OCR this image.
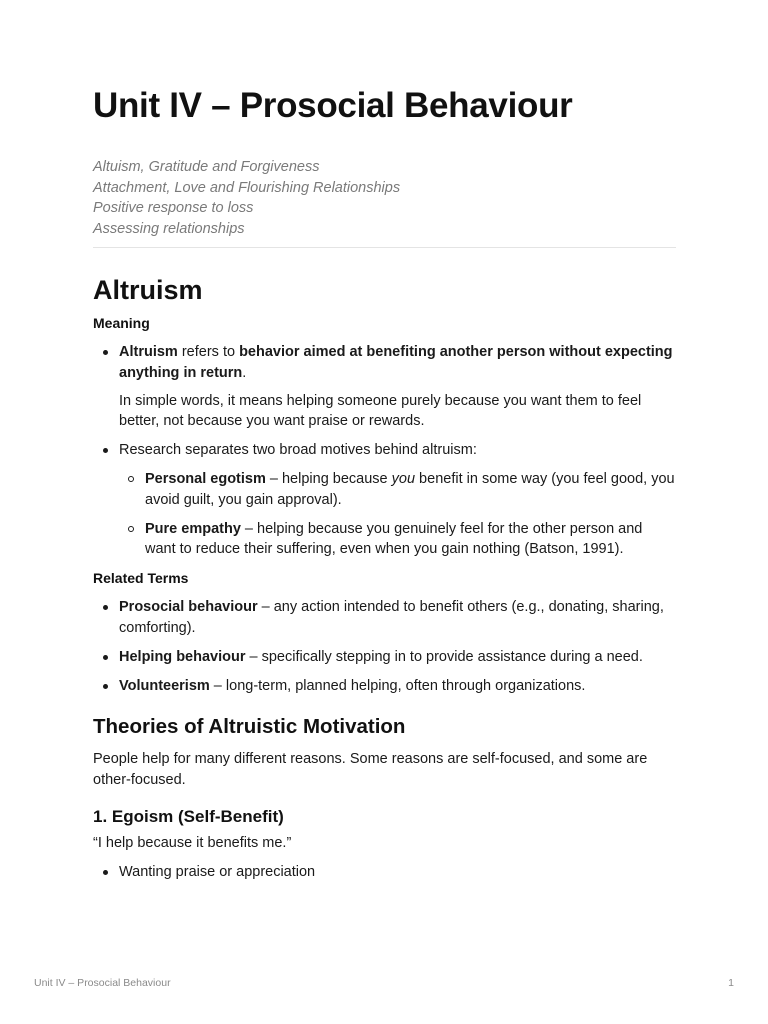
Unit IV – Prosocial Behaviour
Altuism, Gratitude and Forgiveness
Attachment, Love and Flourishing Relationships
Positive response to loss
Assessing relationships
Altruism
Meaning
Altruism refers to behavior aimed at benefiting another person without expecting anything in return.

In simple words, it means helping someone purely because you want them to feel better, not because you want praise or rewards.

Research separates two broad motives behind altruism:
Personal egotism – helping because you benefit in some way (you feel good, you avoid guilt, you gain approval).
Pure empathy – helping because you genuinely feel for the other person and want to reduce their suffering, even when you gain nothing (Batson, 1991).
Related Terms
Prosocial behaviour – any action intended to benefit others (e.g., donating, sharing, comforting).
Helping behaviour – specifically stepping in to provide assistance during a need.
Volunteerism – long-term, planned helping, often through organizations.
Theories of Altruistic Motivation

People help for many different reasons. Some reasons are self-focused, and some are other-focused.

1. Egoism (Self-Benefit)

“I help because it benefits me.”

Wanting praise or appreciation
Unit IV – Prosocial Behaviour	1
